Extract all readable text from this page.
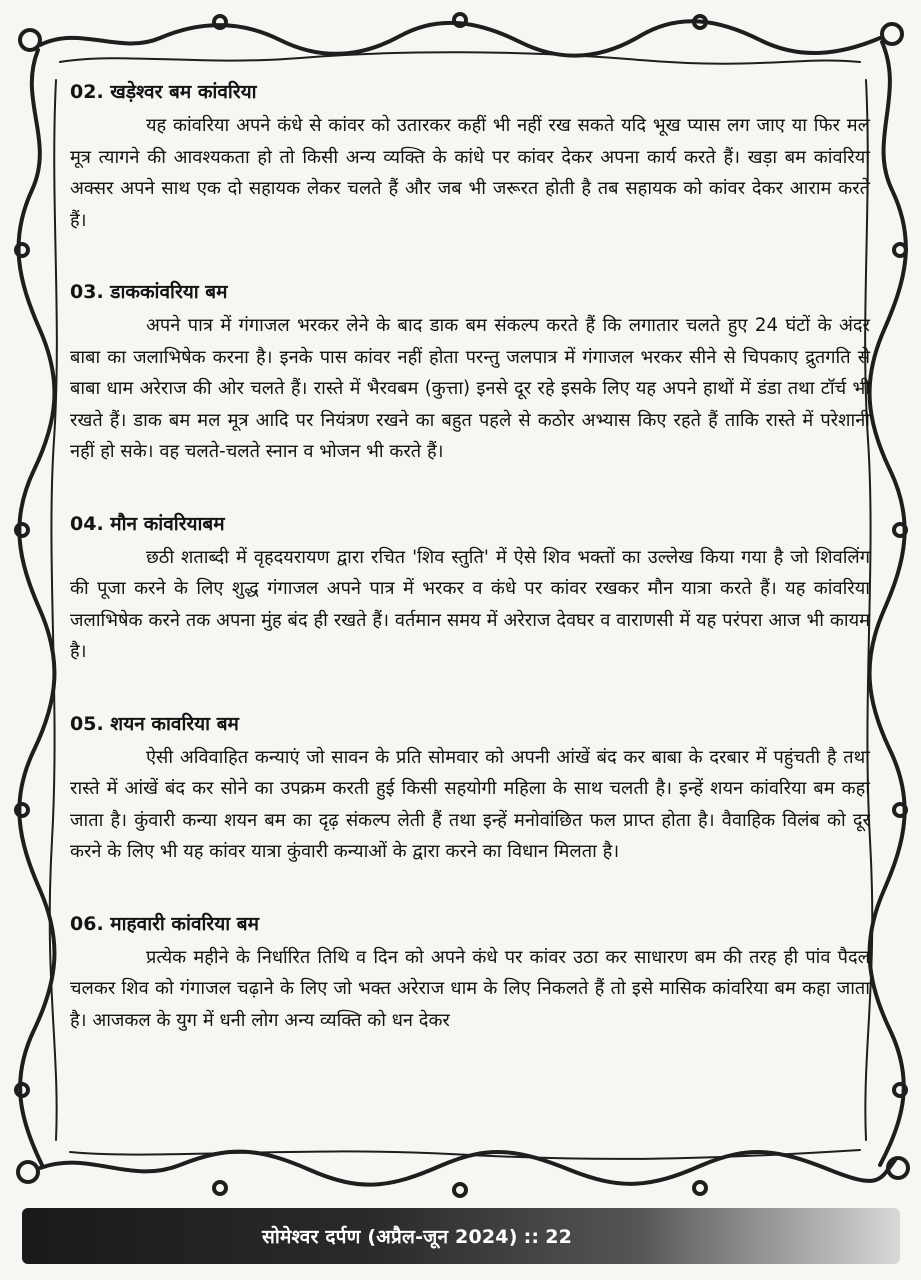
02. खड़ेश्वर बम कांवरिया

यह कांवरिया अपने कंधे से कांवर को उतारकर कहीं भी नहीं रख सकते यदि भूख प्यास लग जाए या फिर मल मूत्र त्यागने की आवश्यकता हो तो किसी अन्य व्यक्ति के कांधे पर कांवर देकर अपना कार्य करते हैं। खड़ा बम कांवरिया अक्सर अपने साथ एक दो सहायक लेकर चलते हैं और जब भी जरूरत होती है तब सहायक को कांवर देकर आराम करते हैं।

03. डाककांवरिया बम

अपने पात्र में गंगाजल भरकर लेने के बाद डाक बम संकल्प करते हैं कि लगातार चलते हुए 24 घंटों के अंदर बाबा का जलाभिषेक करना है। इनके पास कांवर नहीं होता परन्तु जलपात्र में गंगाजल भरकर सीने से चिपकाए द्रुतगति से बाबा धाम अरेराज की ओर चलते हैं। रास्ते में भैरवबम (कुत्ता) इनसे दूर रहे इसके लिए यह अपने हाथों में डंडा तथा टॉर्च भी रखते हैं। डाक बम मल मूत्र आदि पर नियंत्रण रखने का बहुत पहले से कठोर अभ्यास किए रहते हैं ताकि रास्ते में परेशानी नहीं हो सके। वह चलते-चलते स्नान व भोजन भी करते हैं।

04. मौन कांवरियाबम

छठी शताब्दी में वृहदयरायण द्वारा रचित 'शिव स्तुति' में ऐसे शिव भक्तों का उल्लेख किया गया है जो शिवलिंग की पूजा करने के लिए शुद्ध गंगाजल अपने पात्र में भरकर व कंधे पर कांवर रखकर मौन यात्रा करते हैं। यह कांवरिया जलाभिषेक करने तक अपना मुंह बंद ही रखते हैं। वर्तमान समय में अरेराज देवघर व वाराणसी में यह परंपरा आज भी कायम है।

05. शयन कावरिया बम

ऐसी अविवाहित कन्याएं जो सावन के प्रति सोमवार को अपनी आंखें बंद कर बाबा के दरबार में पहुंचती है तथा रास्ते में आंखें बंद कर सोने का उपक्रम करती हुई किसी सहयोगी महिला के साथ चलती है। इन्हें शयन कांवरिया बम कहा जाता है। कुंवारी कन्या शयन बम का दृढ़ संकल्प लेती हैं तथा इन्हें मनोवांछित फल प्राप्त होता है। वैवाहिक विलंब को दूर करने के लिए भी यह कांवर यात्रा कुंवारी कन्याओं के द्वारा करने का विधान मिलता है।

06. माहवारी कांवरिया बम

प्रत्येक महीने के निर्धारित तिथि व दिन को अपने कंधे पर कांवर उठा कर साधारण बम की तरह ही पांव पैदल चलकर शिव को गंगाजल चढ़ाने के लिए जो भक्त अरेराज धाम के लिए निकलते हैं तो इसे मासिक कांवरिया बम कहा जाता है। आजकल के युग में धनी लोग अन्य व्यक्ति को धन देकर

सोमेश्वर दर्पण (अप्रैल-जून 2024) :: 22
